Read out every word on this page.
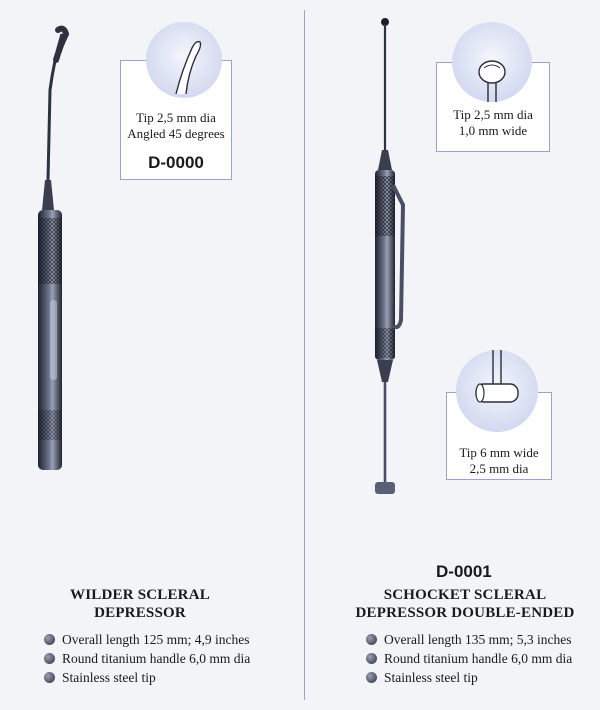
D-0000
Tip 2,5 mm dia
Angled 45 degrees
WILDER SCLERAL
DEPRESSOR
Overall length 125 mm; 4,9 inches
Round titanium handle 6,0 mm dia
Stainless steel tip
Tip 2,5 mm dia
1,0 mm wide
Tip 6 mm wide
2,5 mm dia
D-0001
SCHOCKET SCLERAL
DEPRESSOR DOUBLE-ENDED
Overall length 135 mm; 5,3 inches
Round titanium handle 6,0 mm dia
Stainless steel tip
